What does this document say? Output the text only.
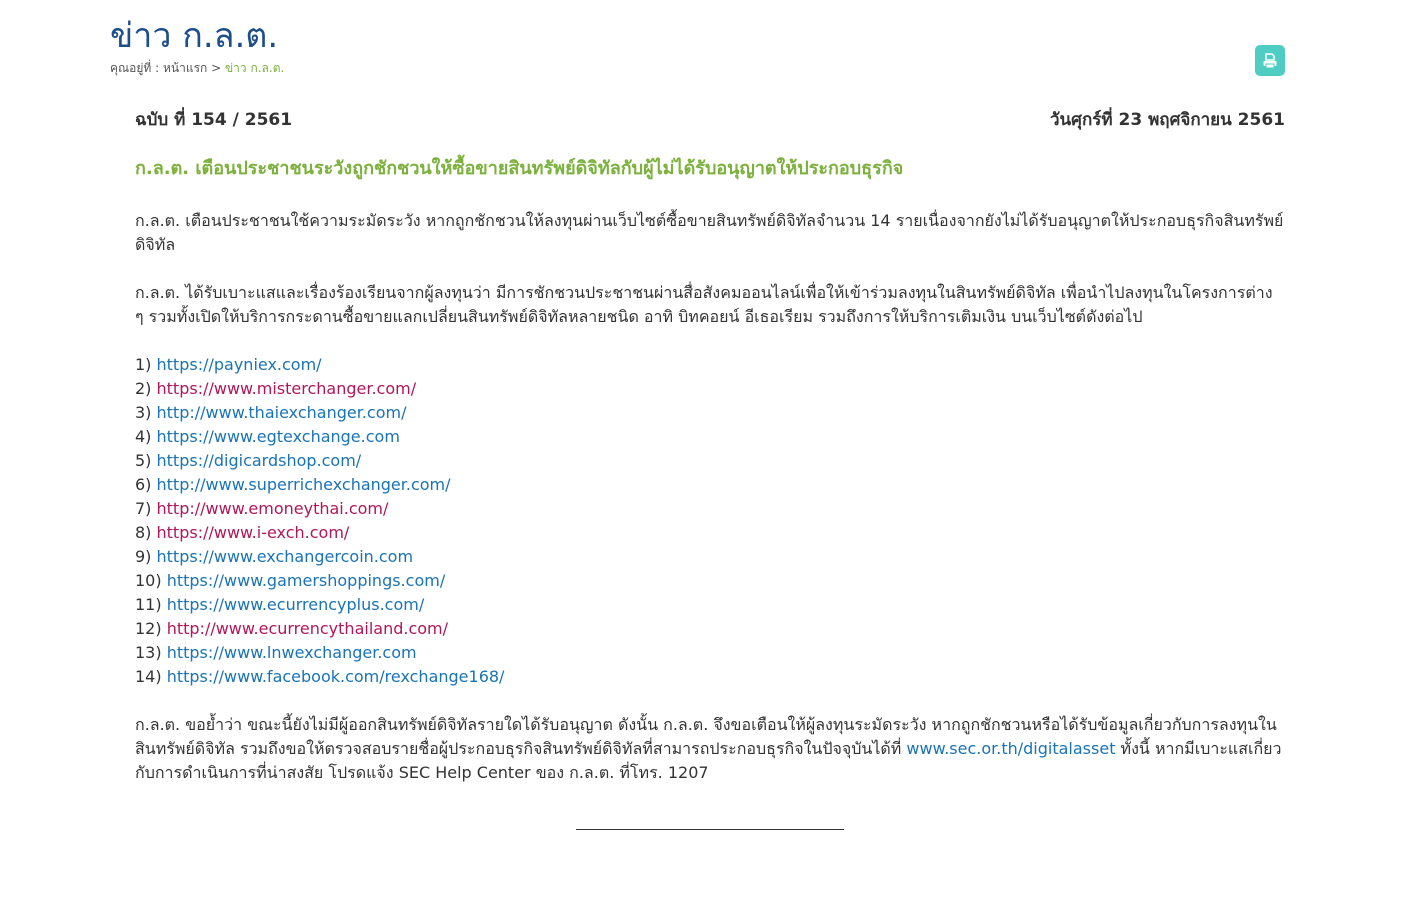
ข่าว ก.ล.ต.
คุณอยู่ที่ : หน้าแรก > ข่าว ก.ล.ต.
ฉบับ ที่ 154 / 2561	วันศุกร์ที่ 23 พฤศจิกายน 2561
ก.ล.ต. เตือนประชาชนระวังถูกชักชวนให้ซื้อขายสินทรัพย์ดิจิทัลกับผู้ไม่ได้รับอนุญาตให้ประกอบธุรกิจ

ก.ล.ต. เตือนประชาชนใช้ความระมัดระวัง หากถูกชักชวนให้ลงทุนผ่านเว็บไซต์ซื้อขายสินทรัพย์ดิจิทัลจำนวน 14 รายเนื่องจากยังไม่ได้รับอนุญาตให้ประกอบธุรกิจสินทรัพย์ดิจิทัล

ก.ล.ต. ได้รับเบาะแสและเรื่องร้องเรียนจากผู้ลงทุนว่า มีการชักชวนประชาชนผ่านสื่อสังคมออนไลน์เพื่อให้เข้าร่วมลงทุนในสินทรัพย์ดิจิทัล เพื่อนำไปลงทุนในโครงการต่าง ๆ รวมทั้งเปิดให้บริการกระดานซื้อขายแลกเปลี่ยนสินทรัพย์ดิจิทัลหลายชนิด อาทิ บิทคอยน์ อีเธอเรียม รวมถึงการให้บริการเติมเงิน บนเว็บไซต์ดังต่อไป

1) https://payniex.com/
2) https://www.misterchanger.com/
3) http://www.thaiexchanger.com/
4) https://www.egtexchange.com
5) https://digicardshop.com/
6) http://www.superrichexchanger.com/
7) http://www.emoneythai.com/
8) https://www.i-exch.com/
9) https://www.exchangercoin.com
10) https://www.gamershoppings.com/
11) https://www.ecurrencyplus.com/
12) http://www.ecurrencythailand.com/
13) https://www.lnwexchanger.com
14) https://www.facebook.com/rexchange168/

ก.ล.ต. ขอย้ำว่า ขณะนี้ยังไม่มีผู้ออกสินทรัพย์ดิจิทัลรายใดได้รับอนุญาต ดังนั้น ก.ล.ต. จึงขอเตือนให้ผู้ลงทุนระมัดระวัง หากถูกชักชวนหรือได้รับข้อมูลเกี่ยวกับการลงทุนในสินทรัพย์ดิจิทัล รวมถึงขอให้ตรวจสอบรายชื่อผู้ประกอบธุรกิจสินทรัพย์ดิจิทัลที่สามารถประกอบธุรกิจในปัจจุบันได้ที่ www.sec.or.th/digitalasset ทั้งนี้ หากมีเบาะแสเกี่ยวกับการดำเนินการที่น่าสงสัย โปรดแจ้ง SEC Help Center ของ ก.ล.ต. ที่โทร. 1207
